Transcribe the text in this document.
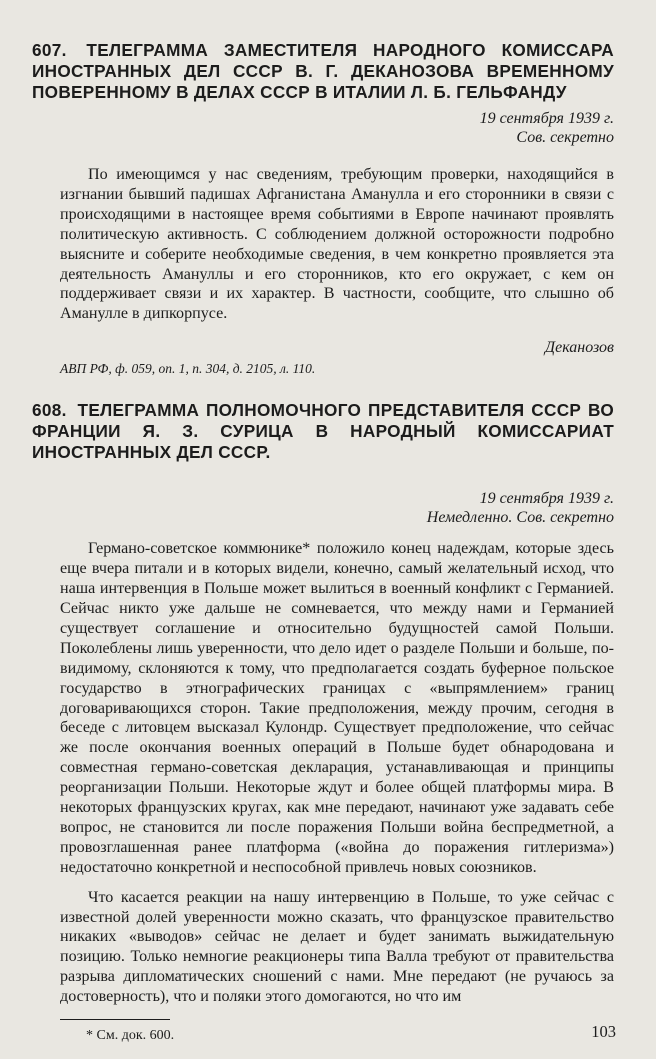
607. ТЕЛЕГРАММА ЗАМЕСТИТЕЛЯ НАРОДНОГО КОМИССАРА ИНОСТРАННЫХ ДЕЛ СССР В. Г. ДЕКАНОЗОВА ВРЕМЕННОМУ ПОВЕРЕННОМУ В ДЕЛАХ СССР В ИТАЛИИ Л. Б. ГЕЛЬФАНДУ
19 сентября 1939 г.
Сов. секретно

По имеющимся у нас сведениям, требующим проверки, находящийся в изгнании бывший падишах Афганистана Аманулла и его сторонники в связи с происходящими в настоящее время событиями в Европе начинают проявлять политическую активность. С соблюдением должной осторожности подробно выясните и соберите необходимые сведения, в чем конкретно проявляется эта деятельность Амануллы и его сторонников, кто его окружает, с кем он поддерживает связи и их характер. В частности, сообщите, что слышно об Аманулле в дипкорпусе.

Деканозов
АВП РФ, ф. 059, оп. 1, п. 304, д. 2105, л. 110.
608. ТЕЛЕГРАММА ПОЛНОМОЧНОГО ПРЕДСТАВИТЕЛЯ СССР ВО ФРАНЦИИ Я. З. СУРИЦА В НАРОДНЫЙ КОМИССАРИАТ ИНОСТРАННЫХ ДЕЛ СССР.
19 сентября 1939 г.
Немедленно. Сов. секретно

Германо-советское коммюнике* положило конец надеждам, которые здесь еще вчера питали и в которых видели, конечно, самый желательный исход, что наша интервенция в Польше может вылиться в военный конфликт с Германией. Сейчас никто уже дальше не сомневается, что между нами и Германией существует соглашение и относительно будущностей самой Польши. Поколеблены лишь уверенности, что дело идет о разделе Польши и больше, по-видимому, склоняются к тому, что предполагается создать буферное польское государство в этнографических границах с «выпрямлением» границ договаривающихся сторон. Такие предположения, между прочим, сегодня в беседе с литовцем высказал Кулондр. Существует предположение, что сейчас же после окончания военных операций в Польше будет обнародована и совместная германо-советская декларация, устанавливающая и принципы реорганизации Польши. Некоторые ждут и более общей платформы мира. В некоторых французских кругах, как мне передают, начинают уже задавать себе вопрос, не становится ли после поражения Польши война беспредметной, а провозглашенная ранее платформа («война до поражения гитлеризма») недостаточно конкретной и неспособной привлечь новых союзников.

Что касается реакции на нашу интервенцию в Польше, то уже сейчас с известной долей уверенности можно сказать, что французское правительство никаких «выводов» сейчас не делает и будет занимать выжидательную позицию. Только немногие реакционеры типа Валла требуют от правительства разрыва дипломатических сношений с нами. Мне передают (не ручаюсь за достоверность), что и поляки этого домогаются, но что им

* См. док. 600.	103
